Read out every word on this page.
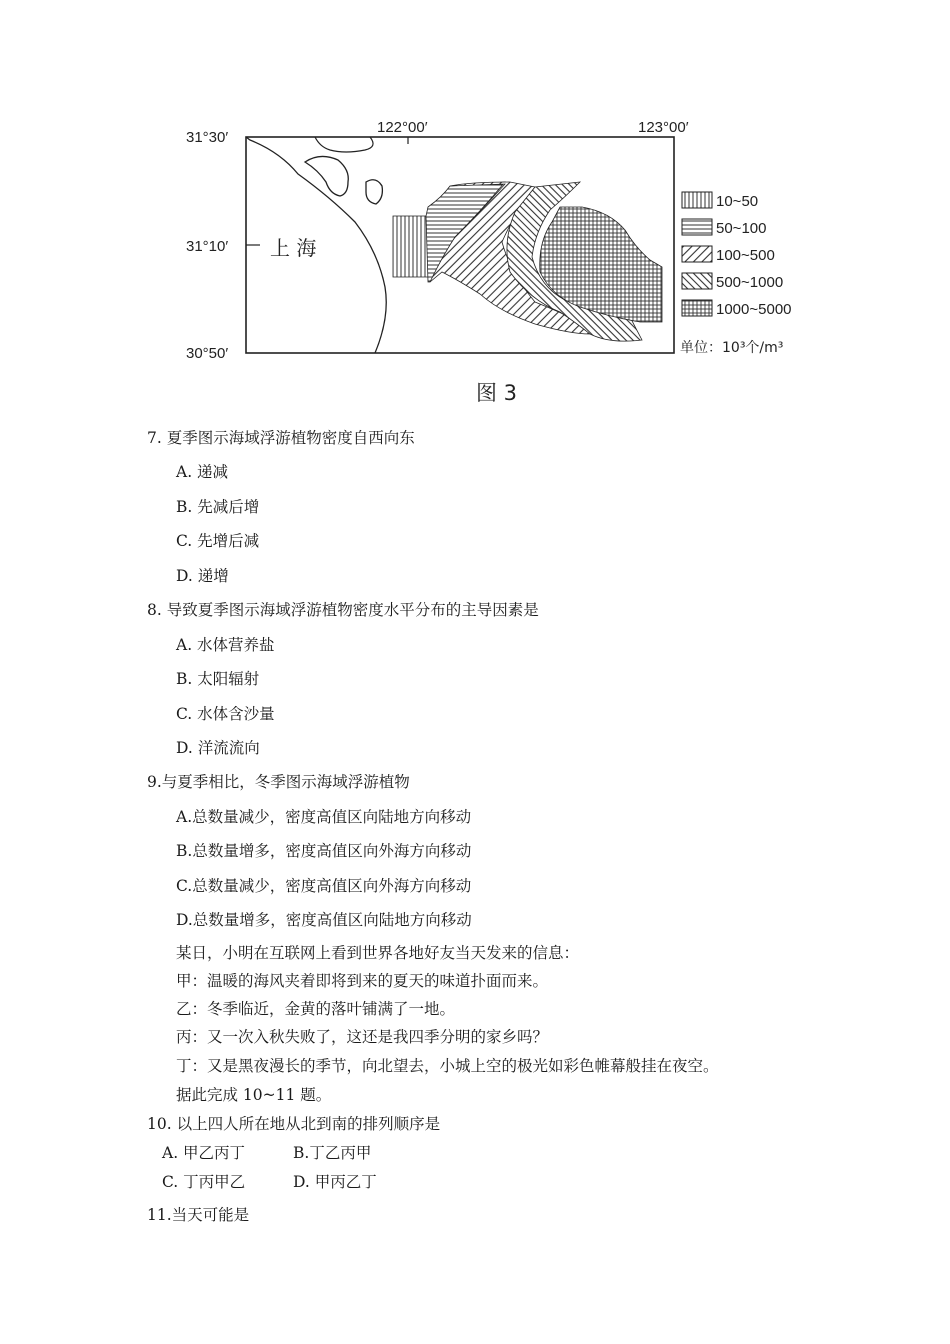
31°30′
31°10′
30°50′
122°00′	123°00′
上 海
10~50
50~100
100~500
500~1000
1000~5000
单位：10³个/m³
图 3
7. 夏季图示海域浮游植物密度自西向东
A. 递减
B. 先减后增
C. 先增后减
D. 递增
8. 导致夏季图示海域浮游植物密度水平分布的主导因素是
A. 水体营养盐
B. 太阳辐射
C. 水体含沙量
D. 洋流流向
9.与夏季相比，冬季图示海域浮游植物
A.总数量减少，密度高值区向陆地方向移动
B.总数量增多，密度高值区向外海方向移动
C.总数量减少，密度高值区向外海方向移动
D.总数量增多，密度高值区向陆地方向移动
某日，小明在互联网上看到世界各地好友当天发来的信息：
甲：温暖的海风夹着即将到来的夏天的味道扑面而来。
乙：冬季临近，金黄的落叶铺满了一地。
丙：又一次入秋失败了，这还是我四季分明的家乡吗？
丁：又是黑夜漫长的季节，向北望去，小城上空的极光如彩色帷幕般挂在夜空。
据此完成 10~11 题。
10. 以上四人所在地从北到南的排列顺序是
A. 甲乙丙丁	B.丁乙丙甲
C. 丁丙甲乙	D. 甲丙乙丁
11.当天可能是
